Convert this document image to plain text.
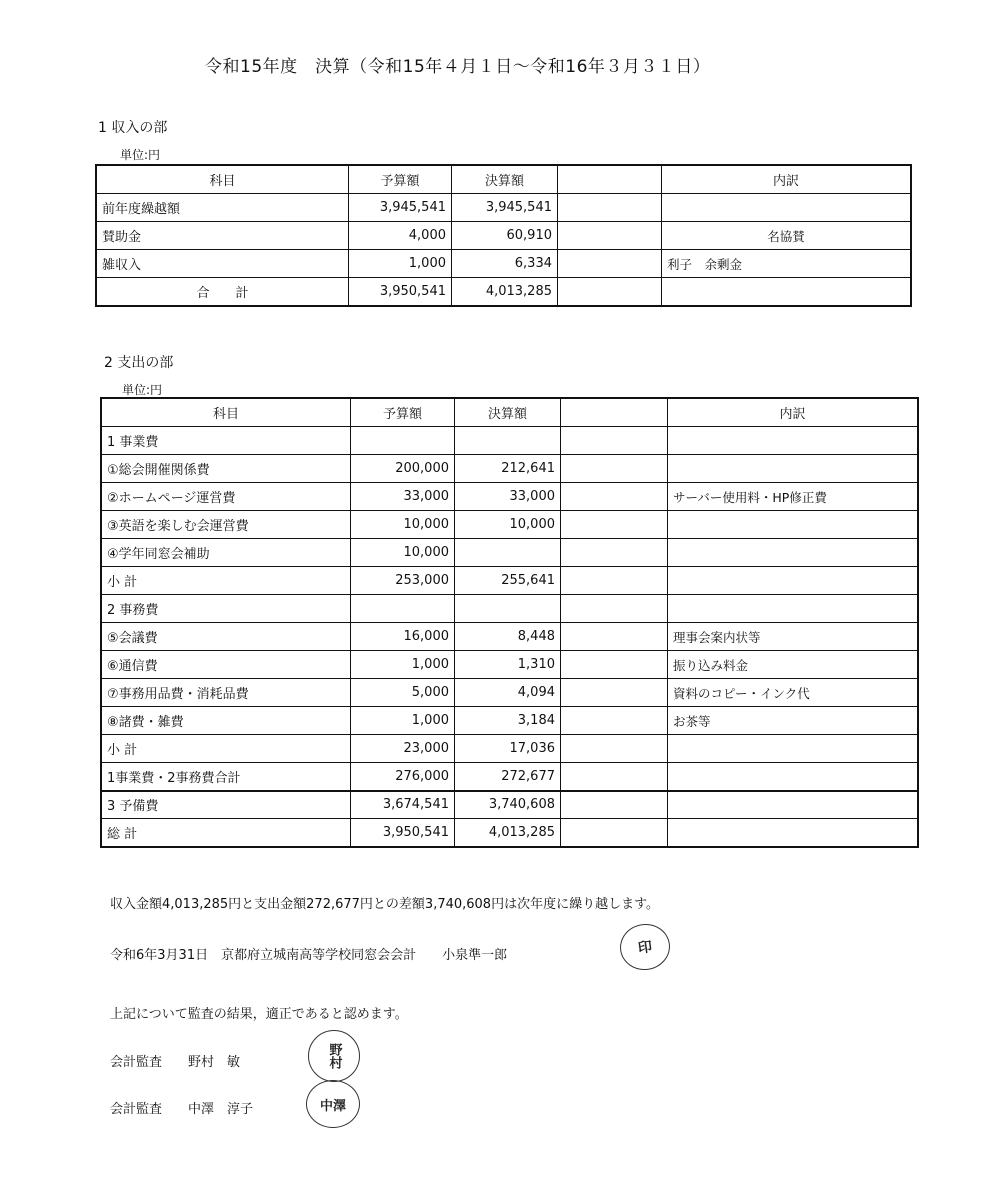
令和15年度　決算（令和15年４月１日～令和16年３月３１日）
1 収入の部
単位:円
科目	予算額	決算額		内訳
前年度繰越額	3,945,541	3,945,541		
賛助金	4,000	60,910		名協賛
雑収入	1,000	6,334		利子　余剰金
合　　計	3,950,541	4,013,285		
2 支出の部
単位:円
科目	予算額	決算額		内訳
1 事業費				
①総会開催関係費	200,000	212,641		
②ホームページ運営費	33,000	33,000		サーバー使用料・HP修正費
③英語を楽しむ会運営費	10,000	10,000		
④学年同窓会補助	10,000			
小 計	253,000	255,641		
2 事務費				
⑤会議費	16,000	8,448		理事会案内状等
⑥通信費	1,000	1,310		振り込み料金
⑦事務用品費・消耗品費	5,000	4,094		資料のコピー・インク代
⑧諸費・雑費	1,000	3,184		お茶等
小 計	23,000	17,036		
1事業費・2事務費合計	276,000	272,677		
3 予備費	3,674,541	3,740,608		
総 計	3,950,541	4,013,285		
収入金額4,013,285円と支出金額272,677円との差額3,740,608円は次年度に繰り越します。
令和6年3月31日　京都府立城南高等学校同窓会会計　　小泉準一郎	印
上記について監査の結果，適正であると認めます。
会計監査　　野村　敏	野村
会計監査　　中澤　淳子	中澤
